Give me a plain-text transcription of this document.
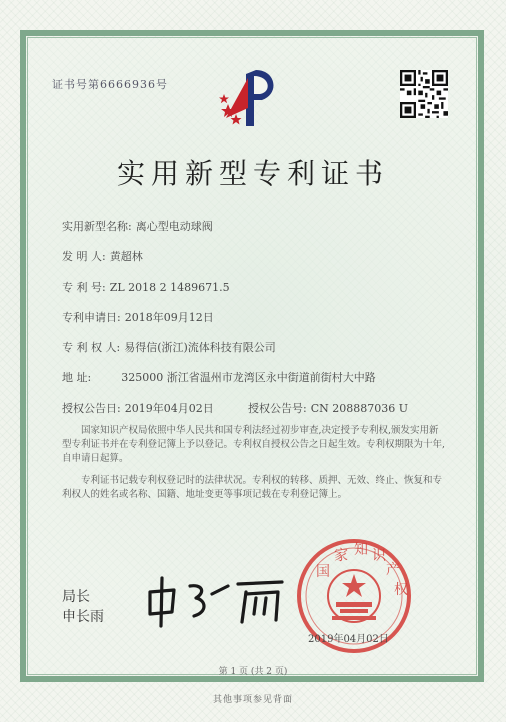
证书号第6666936号
实用新型专利证书
实用新型名称: 离心型电动球阀
发 明 人: 黄超林
专 利 号: ZL 2018 2 1489671.5
专利申请日: 2018年09月12日
专 利 权 人: 易得信(浙江)流体科技有限公司
地 址:	325000 浙江省温州市龙湾区永中街道前街村大中路
授权公告日: 2019年04月02日	授权公告号: CN 208887036 U

国家知识产权局依照中华人民共和国专利法经过初步审查,决定授予专利权,颁发实用新型专利证书并在专利登记簿上予以登记。专利权自授权公告之日起生效。专利权期限为十年,自申请日起算。

专利证书记载专利权登记时的法律状况。专利权的转移、质押、无效、终止、恢复和专利权人的姓名或名称、国籍、地址变更等事项记载在专利登记簿上。

局长
申长雨
国
家 知 识
产
权
2019年04月02日
第 1 页 (共 2 页)
其他事项参见背面
